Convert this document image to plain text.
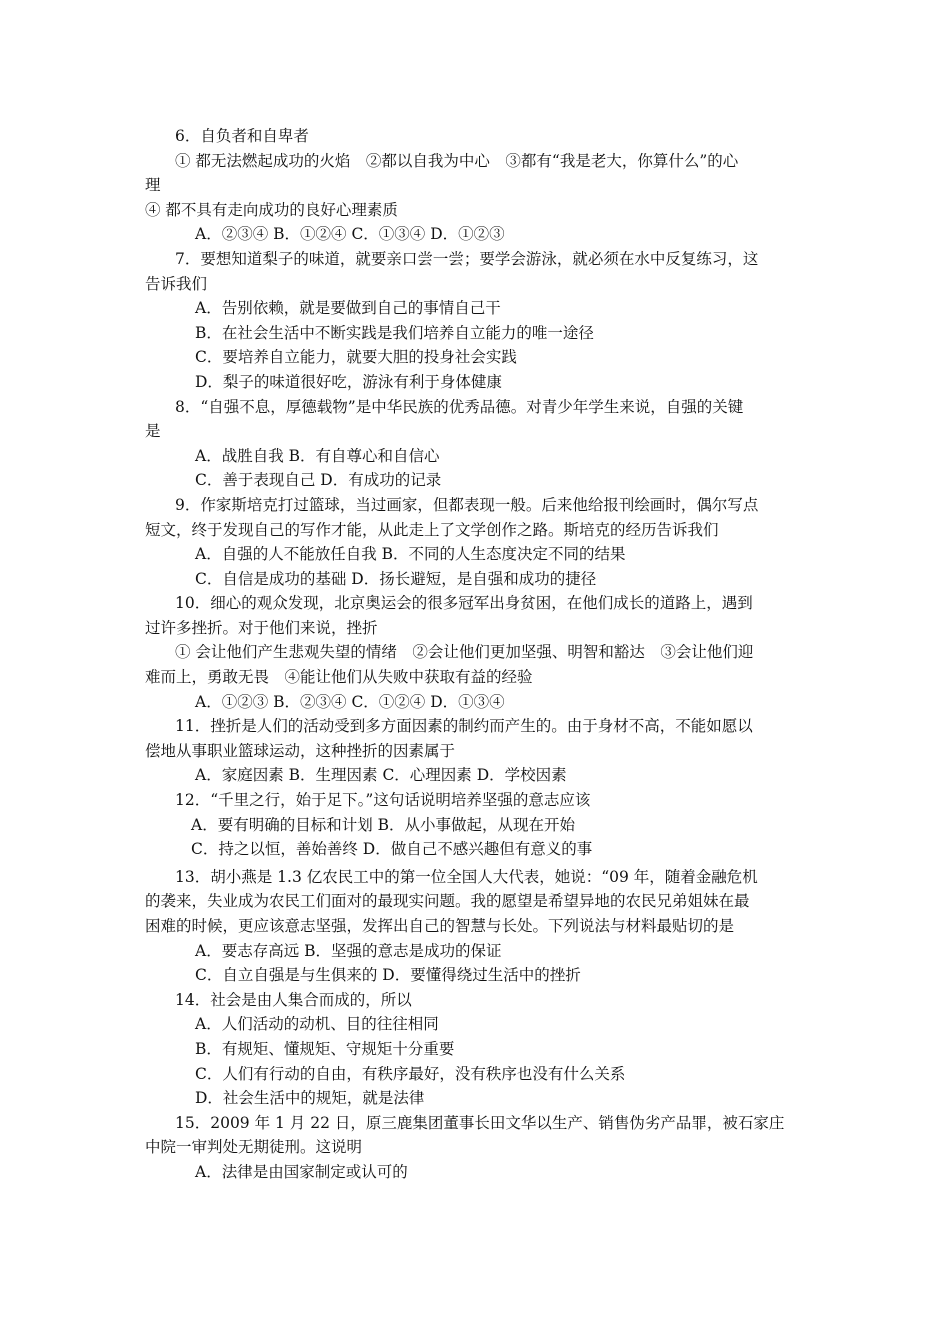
6．自负者和自卑者
① 都无法燃起成功的火焰　②都以自我为中心　③都有“我是老大，你算什么”的心
理
④ 都不具有走向成功的良好心理素质
A．②③④ B．①②④ C．①③④ D．①②③
7．要想知道梨子的味道，就要亲口尝一尝；要学会游泳，就必须在水中反复练习，这
告诉我们
A．告别依赖，就是要做到自己的事情自己干
B．在社会生活中不断实践是我们培养自立能力的唯一途径
C．要培养自立能力，就要大胆的投身社会实践
D．梨子的味道很好吃，游泳有利于身体健康
8．“自强不息，厚德载物”是中华民族的优秀品德。对青少年学生来说，自强的关键
是
A．战胜自我 B．有自尊心和自信心
C．善于表现自己 D．有成功的记录
9．作家斯培克打过篮球，当过画家，但都表现一般。后来他给报刊绘画时，偶尔写点
短文，终于发现自己的写作才能，从此走上了文学创作之路。斯培克的经历告诉我们
A．自强的人不能放任自我 B．不同的人生态度决定不同的结果
C．自信是成功的基础 D．扬长避短，是自强和成功的捷径
10．细心的观众发现，北京奥运会的很多冠军出身贫困，在他们成长的道路上，遇到
过许多挫折。对于他们来说，挫折
① 会让他们产生悲观失望的情绪　②会让他们更加坚强、明智和豁达　③会让他们迎
难而上，勇敢无畏　④能让他们从失败中获取有益的经验
A．①②③ B．②③④ C．①②④ D．①③④
11．挫折是人们的活动受到多方面因素的制约而产生的。由于身材不高，不能如愿以
偿地从事职业篮球运动，这种挫折的因素属于
A．家庭因素 B．生理因素 C．心理因素 D．学校因素
12．“千里之行，始于足下。”这句话说明培养坚强的意志应该
A．要有明确的目标和计划 B．从小事做起，从现在开始
C．持之以恒，善始善终 D．做自己不感兴趣但有意义的事
13．胡小燕是 1.3 亿农民工中的第一位全国人大代表，她说：“09 年，随着金融危机
的袭来，失业成为农民工们面对的最现实问题。我的愿望是希望异地的农民兄弟姐妹在最
困难的时候，更应该意志坚强，发挥出自己的智慧与长处。下列说法与材料最贴切的是
A．要志存高远 B．坚强的意志是成功的保证
C．自立自强是与生俱来的 D．要懂得绕过生活中的挫折
14．社会是由人集合而成的，所以
A．人们活动的动机、目的往往相同
B．有规矩、懂规矩、守规矩十分重要
C．人们有行动的自由，有秩序最好，没有秩序也没有什么关系
D．社会生活中的规矩，就是法律
15．2009 年 1 月 22 日，原三鹿集团董事长田文华以生产、销售伪劣产品罪，被石家庄
中院一审判处无期徒刑。这说明
A．法律是由国家制定或认可的
